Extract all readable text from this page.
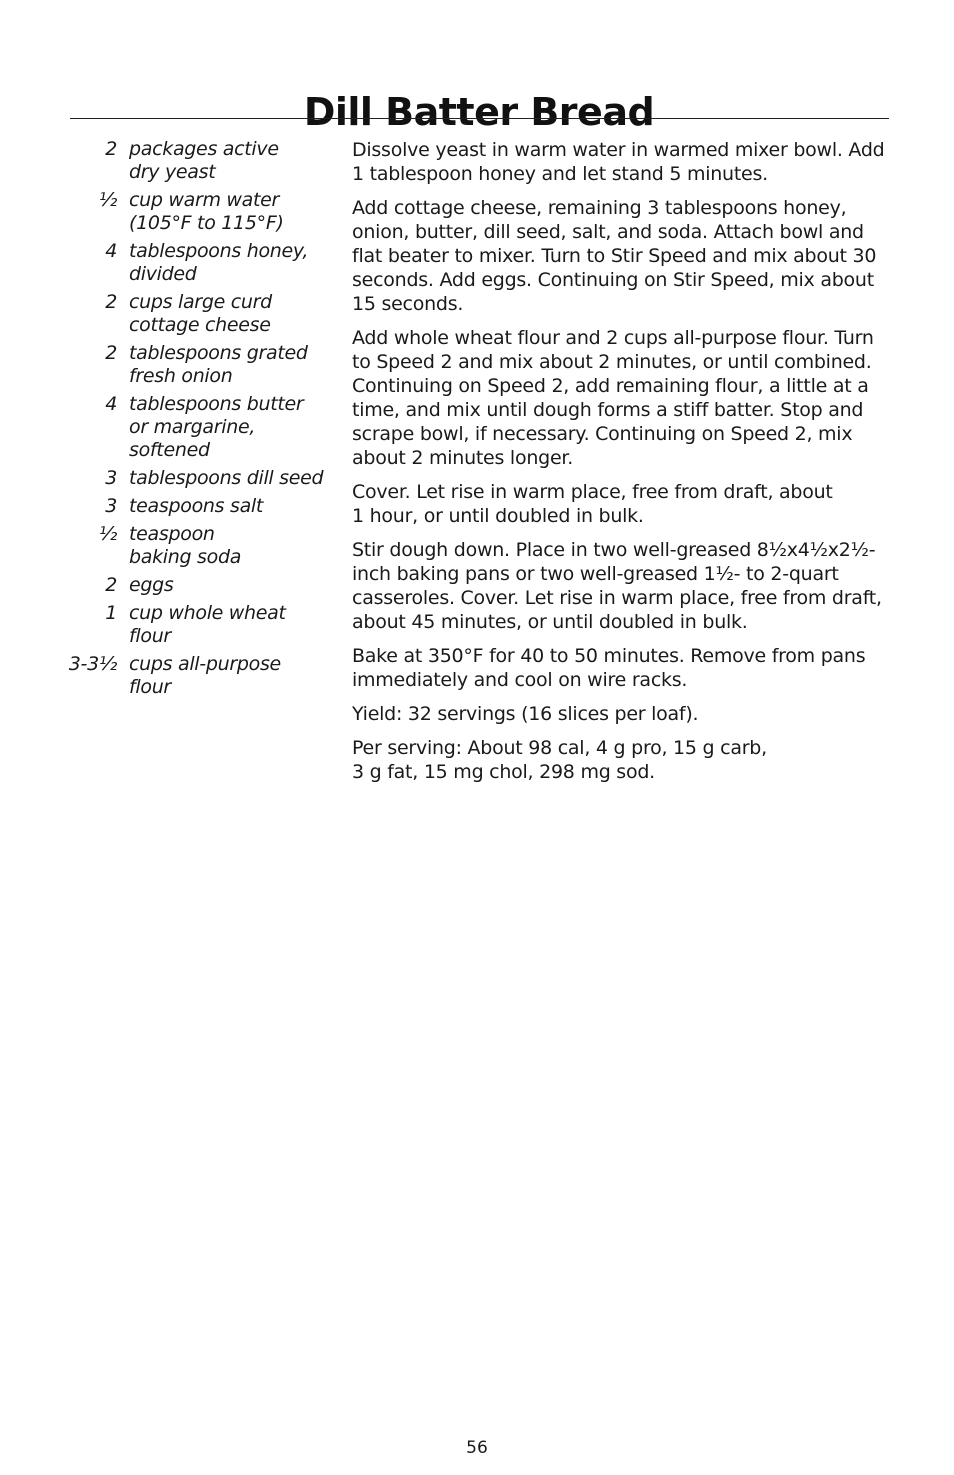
Dill Batter Bread
2 packages active
dry yeast
½ cup warm water
(105°F to 115°F)
4 tablespoons honey,
divided
2 cups large curd
cottage cheese
2 tablespoons grated
fresh onion
4 tablespoons butter
or margarine,
softened
3 tablespoons dill seed
3 teaspoons salt
½ teaspoon
baking soda
2 eggs
1 cup whole wheat
flour
3-3½ cups all-purpose
flour

Dissolve yeast in warm water in warmed mixer bowl. Add
1 tablespoon honey and let stand 5 minutes.

Add cottage cheese, remaining 3 tablespoons honey,
onion, butter, dill seed, salt, and soda. Attach bowl and
flat beater to mixer. Turn to Stir Speed and mix about 30
seconds. Add eggs. Continuing on Stir Speed, mix about
15 seconds.

Add whole wheat flour and 2 cups all-purpose flour. Turn
to Speed 2 and mix about 2 minutes, or until combined.
Continuing on Speed 2, add remaining flour, a little at a
time, and mix until dough forms a stiff batter. Stop and
scrape bowl, if necessary. Continuing on Speed 2, mix
about 2 minutes longer.

Cover. Let rise in warm place, free from draft, about
1 hour, or until doubled in bulk.

Stir dough down. Place in two well-greased 8½x4½x2½-
inch baking pans or two well-greased 1½- to 2-quart
casseroles. Cover. Let rise in warm place, free from draft,
about 45 minutes, or until doubled in bulk.

Bake at 350°F for 40 to 50 minutes. Remove from pans
immediately and cool on wire racks.

Yield: 32 servings (16 slices per loaf).

Per serving: About 98 cal, 4 g pro, 15 g carb,
3 g fat, 15 mg chol, 298 mg sod.

56
